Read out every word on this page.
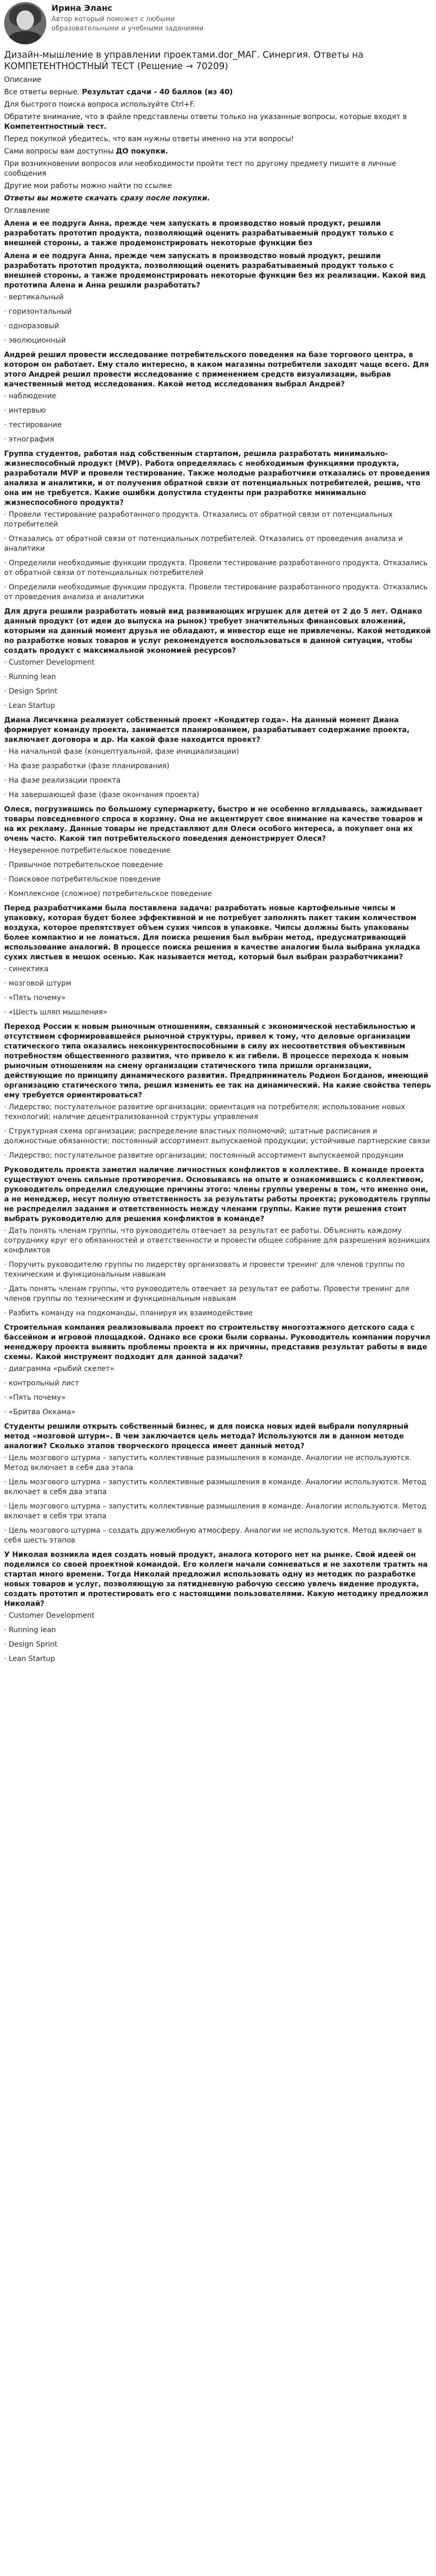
Ирина Эланс
Автор который поможет с любыми образовательными и учебными заданиями
Дизайн-мышление в управлении проектами.dor_МАГ. Синергия. Ответы на КОМПЕТЕНТНОСТНЫЙ ТЕСТ (Решение → 70209)

Описание

Все ответы верные. Результат сдачи - 40 баллов (из 40)

Для быстрого поиска вопроса используйте Ctrl+F.

Обратите внимание, что в файле представлены ответы только на указанные вопросы, которые входят в Компетентностный тест.

Перед покупкой убедитесь, что вам нужны ответы именно на эти вопросы!

Сами вопросы вам доступны ДО покупки.

При возникновении вопросов или необходимости пройти тест по другому предмету пишите в личные сообщения

Другие мои работы можно найти по ссылке

Ответы вы можете скачать сразу после покупки.

Оглавление

Алена и ее подруга Анна, прежде чем запускать в производство новый продукт, решили разработать прототип продукта, позволяющий оценить разрабатываемый продукт только с внешней стороны, а также продемонстрировать некоторые функции без
Алена и ее подруга Анна, прежде чем запускать в производство новый продукт, решили разработать прототип продукта, позволяющий оценить разрабатываемый продукт только с внешней стороны, а также продемонстрировать некоторые функции без их реализации. Какой вид прототипа Алена и Анна решили разработать?
· вертикальный
· горизонтальный
· одноразовый
· эволюционный
Андрей решил провести исследование потребительского поведения на базе торгового центра, в котором он работает. Ему стало интересно, в каком магазины потребители заходят чаще всего. Для этого Андрей решил провести исследование с применением средств визуализации, выбрав качественный метод исследования. Какой метод исследования выбрал Андрей?
· наблюдение
· интервью
· тестирование
· этнография
Группа студентов, работая над собственным стартапом, решила разработать минимально-жизнеспособный продукт (MVP). Работа определялась с необходимым функциями продукта, разработали MVP и провели тестирование. Также молодые разработчики отказались от проведения анализа и аналитики, и от получения обратной связи от потенциальных потребителей, решив, что она им не требуется. Какие ошибки допустила студенты при разработке минимально жизнеспособного продукта?
· Провели тестирование разработанного продукта. Отказались от обратной связи от потенциальных потребителей
· Отказались от обратной связи от потенциальных потребителей. Отказались от проведения анализа и аналитики
· Определили необходимые функции продукта. Провели тестирование разработанного продукта. Отказались от обратной связи от потенциальных потребителей
· Определили необходимые функции продукта. Провели тестирование разработанного продукта. Отказались от проведения анализа и аналитики
Для друга решили разработать новый вид развивающих игрушек для детей от 2 до 5 лет. Однако данный продукт (от идеи до выпуска на рынок) требует значительных финансовых вложений, которыми на данный момент друзья не обладают, и инвестор еще не привлечены. Какой методикой по разработке новых товаров и услуг рекомендуется воспользоваться в данной ситуации, чтобы создать продукт с максимальной экономией ресурсов?
· Customer Development
· Running lean
· Design Sprint
· Lean Startup
Диана Лисичкина реализует собственный проект «Кондитер года». На данный момент Диана формирует команду проекта, занимается планированием, разрабатывает содержание проекта, заключает договора и др. На какой фазе находится проект?
· На начальной фазе (концептуальной, фазе инициализации)
· На фазе разработки (фазе планирования)
· На фазе реализации проекта
· На завершающей фазе (фазе окончания проекта)
Олеся, погрузившись по большому супермаркету, быстро и не особенно вглядываясь, зажидывает товары повседневного спроса в корзину. Она не акцентирует свое внимание на качестве товаров и на их рекламу. Данные товары не представляют для Олеси особого интереса, а покупает она их очень часто. Какой тип потребительского поведения демонстрирует Олеся?
· Неуверенное потребительское поведение
· Привычное потребительское поведение
· Поисковое потребительское поведение
· Комплексное (сложное) потребительское поведение
Перед разработчиками была поставлена задача: разработать новые картофельные чипсы и упаковку, которая будет более эффективной и не потребует заполнять пакет таким количеством воздуха, которое препятствует объем сухих чипсов в упаковке. Чипсы должны быть упакованы более компактно и не ломаться. Для поиска решения был выбран метод, предусматривающий использование аналогий. В процессе поиска решения в качестве аналогии была выбрана укладка сухих листьев в мешок осенью. Как называется метод, который был выбран разработчиками?
· синектика
· мозговой штурм
· «Пять почему»
· «Шесть шляп мышления»
Переход России к новым рыночным отношениям, связанный с экономической нестабильностью и отсутствием сформировавшейся рыночной структуры, привел к тому, что деловые организации статического типа оказались неконкурентоспособными в силу их несоответствия объективным потребностям общественного развития, что привело к их гибели. В процессе перехода к новым рыночным отношениям на смену организации статического типа пришли организации, действующие по принципу динамического развития. Предприниматель Родион Богданов, имеющий организацию статического типа, решил изменить ее так на динамический. На какие свойства теперь ему требуется ориентироваться?
· Лидерство; постулательное развитие организации; ориентация на потребителя; использование новых технологий; наличие децентрализованной структуры управления
· Структурная схема организации; распределение властных полномочий; штатные расписания и должностные обязанности; постоянный ассортимент выпускаемой продукции; устойчивые партнерские связи
· Лидерство; постулательное развитие организации; постоянный ассортимент выпускаемой продукции
Руководитель проекта заметил наличие личностных конфликтов в коллективе. В команде проекта существуют очень сильные противоречия. Основываясь на опыте и ознакомившись с коллективом, руководитель определил следующие причины этого: члены группы уверены в том, что именно они, а не менеджер, несут полную ответственность за результаты работы проекта; руководитель группы не распределил задания и ответственность между членами группы. Какие пути решения стоит выбрать руководителю для решения конфликтов в команде?
· Дать понять членам группы, что руководитель отвечает за результат ее работы. Объяснить каждому сотруднику круг его обязанностей и ответственности и провести общее собрание для разрешения возникших конфликтов
· Поручить руководителю группы по лидерству организовать и провести тренинг для членов группы по техническим и функциональным навыкам
· Дать понять членам группы, что руководитель отвечает за результат ее работы. Провести тренинг для членов группы по техническим и функциональным навыкам
· Разбить команду на подкоманды, планируя их взаимодействие
Строительная компания реализовывала проект по строительству многоэтажного детского сада с бассейном и игровой площадкой. Однако все сроки были сорваны. Руководитель компании поручил менеджеру проекта выявить проблемы проекта и их причины, представив результат работы в виде схемы. Какой инструмент подходит для данной задачи?
· диаграмма «рыбий скелет»
· контрольный лист
· «Пять почему»
· «Бритва Оккама»
Студенты решили открыть собственный бизнес, и для поиска новых идей выбрали популярный метод «мозговой штурм». В чем заключается цель метода? Используются ли в данном методе аналогии? Сколько этапов творческого процесса имеет данный метод?
· Цель мозгового штурма – запустить коллективные размышления в команде. Аналогии не используются. Метод включает в себя два этапа
· Цель мозгового штурма – запустить коллективные размышления в команде. Аналогии используются. Метод включает в себя два этапа
· Цель мозгового штурма – запустить коллективные размышления в команде. Аналогии используются. Метод включает в себя три этапа
· Цель мозгового штурма – создать дружелюбную атмосферу. Аналогии не используются. Метод включает в себя шесть этапов
У Николая возникла идея создать новый продукт, аналога которого нет на рынке. Свой идеей он поделился со своей проектной командой. Его коллеги начали сомневаться и не захотели тратить на стартап много времени. Тогда Николай предложил использовать одну из методик по разработке новых товаров и услуг, позволяющую за пятидневную рабочую сессию увлечь видение продукта, создать прототип и протестировать его с настоящими пользователями. Какую методику предложил Николай?
· Customer Development
· Running lean
· Design Sprint
· Lean Startup
